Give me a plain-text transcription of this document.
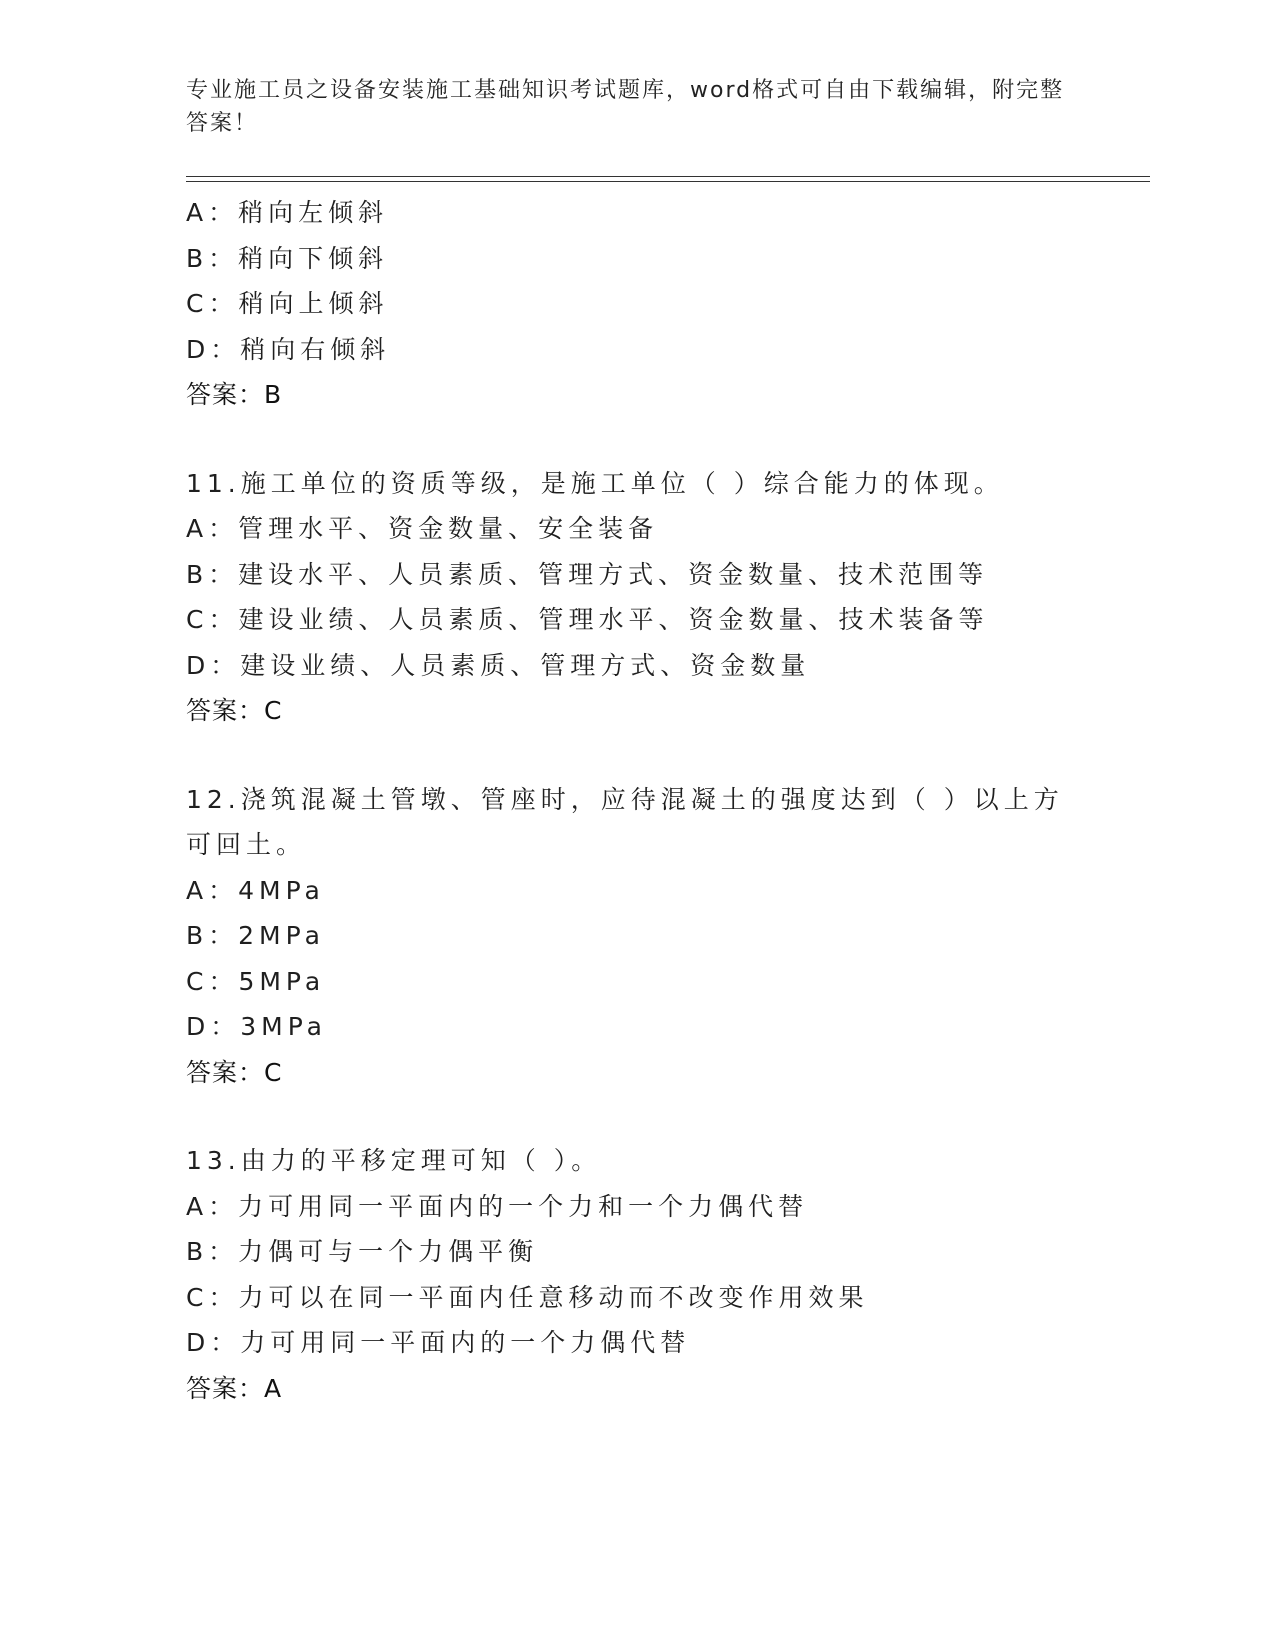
专业施工员之设备安装施工基础知识考试题库，word格式可自由下载编辑，附完整答案！
A：稍向左倾斜
B：稍向下倾斜
C：稍向上倾斜
D：稍向右倾斜
答案：B
11.施工单位的资质等级，是施工单位（ ）综合能力的体现。
A：管理水平、资金数量、安全装备
B：建设水平、人员素质、管理方式、资金数量、技术范围等
C：建设业绩、人员素质、管理水平、资金数量、技术装备等
D：建设业绩、人员素质、管理方式、资金数量
答案：C
12.浇筑混凝土管墩、管座时，应待混凝土的强度达到（ ）以上方可回土。
A：4MPa
B：2MPa
C：5MPa
D：3MPa
答案：C
13.由力的平移定理可知（ ）。
A：力可用同一平面内的一个力和一个力偶代替
B：力偶可与一个力偶平衡
C：力可以在同一平面内任意移动而不改变作用效果
D：力可用同一平面内的一个力偶代替
答案：A
